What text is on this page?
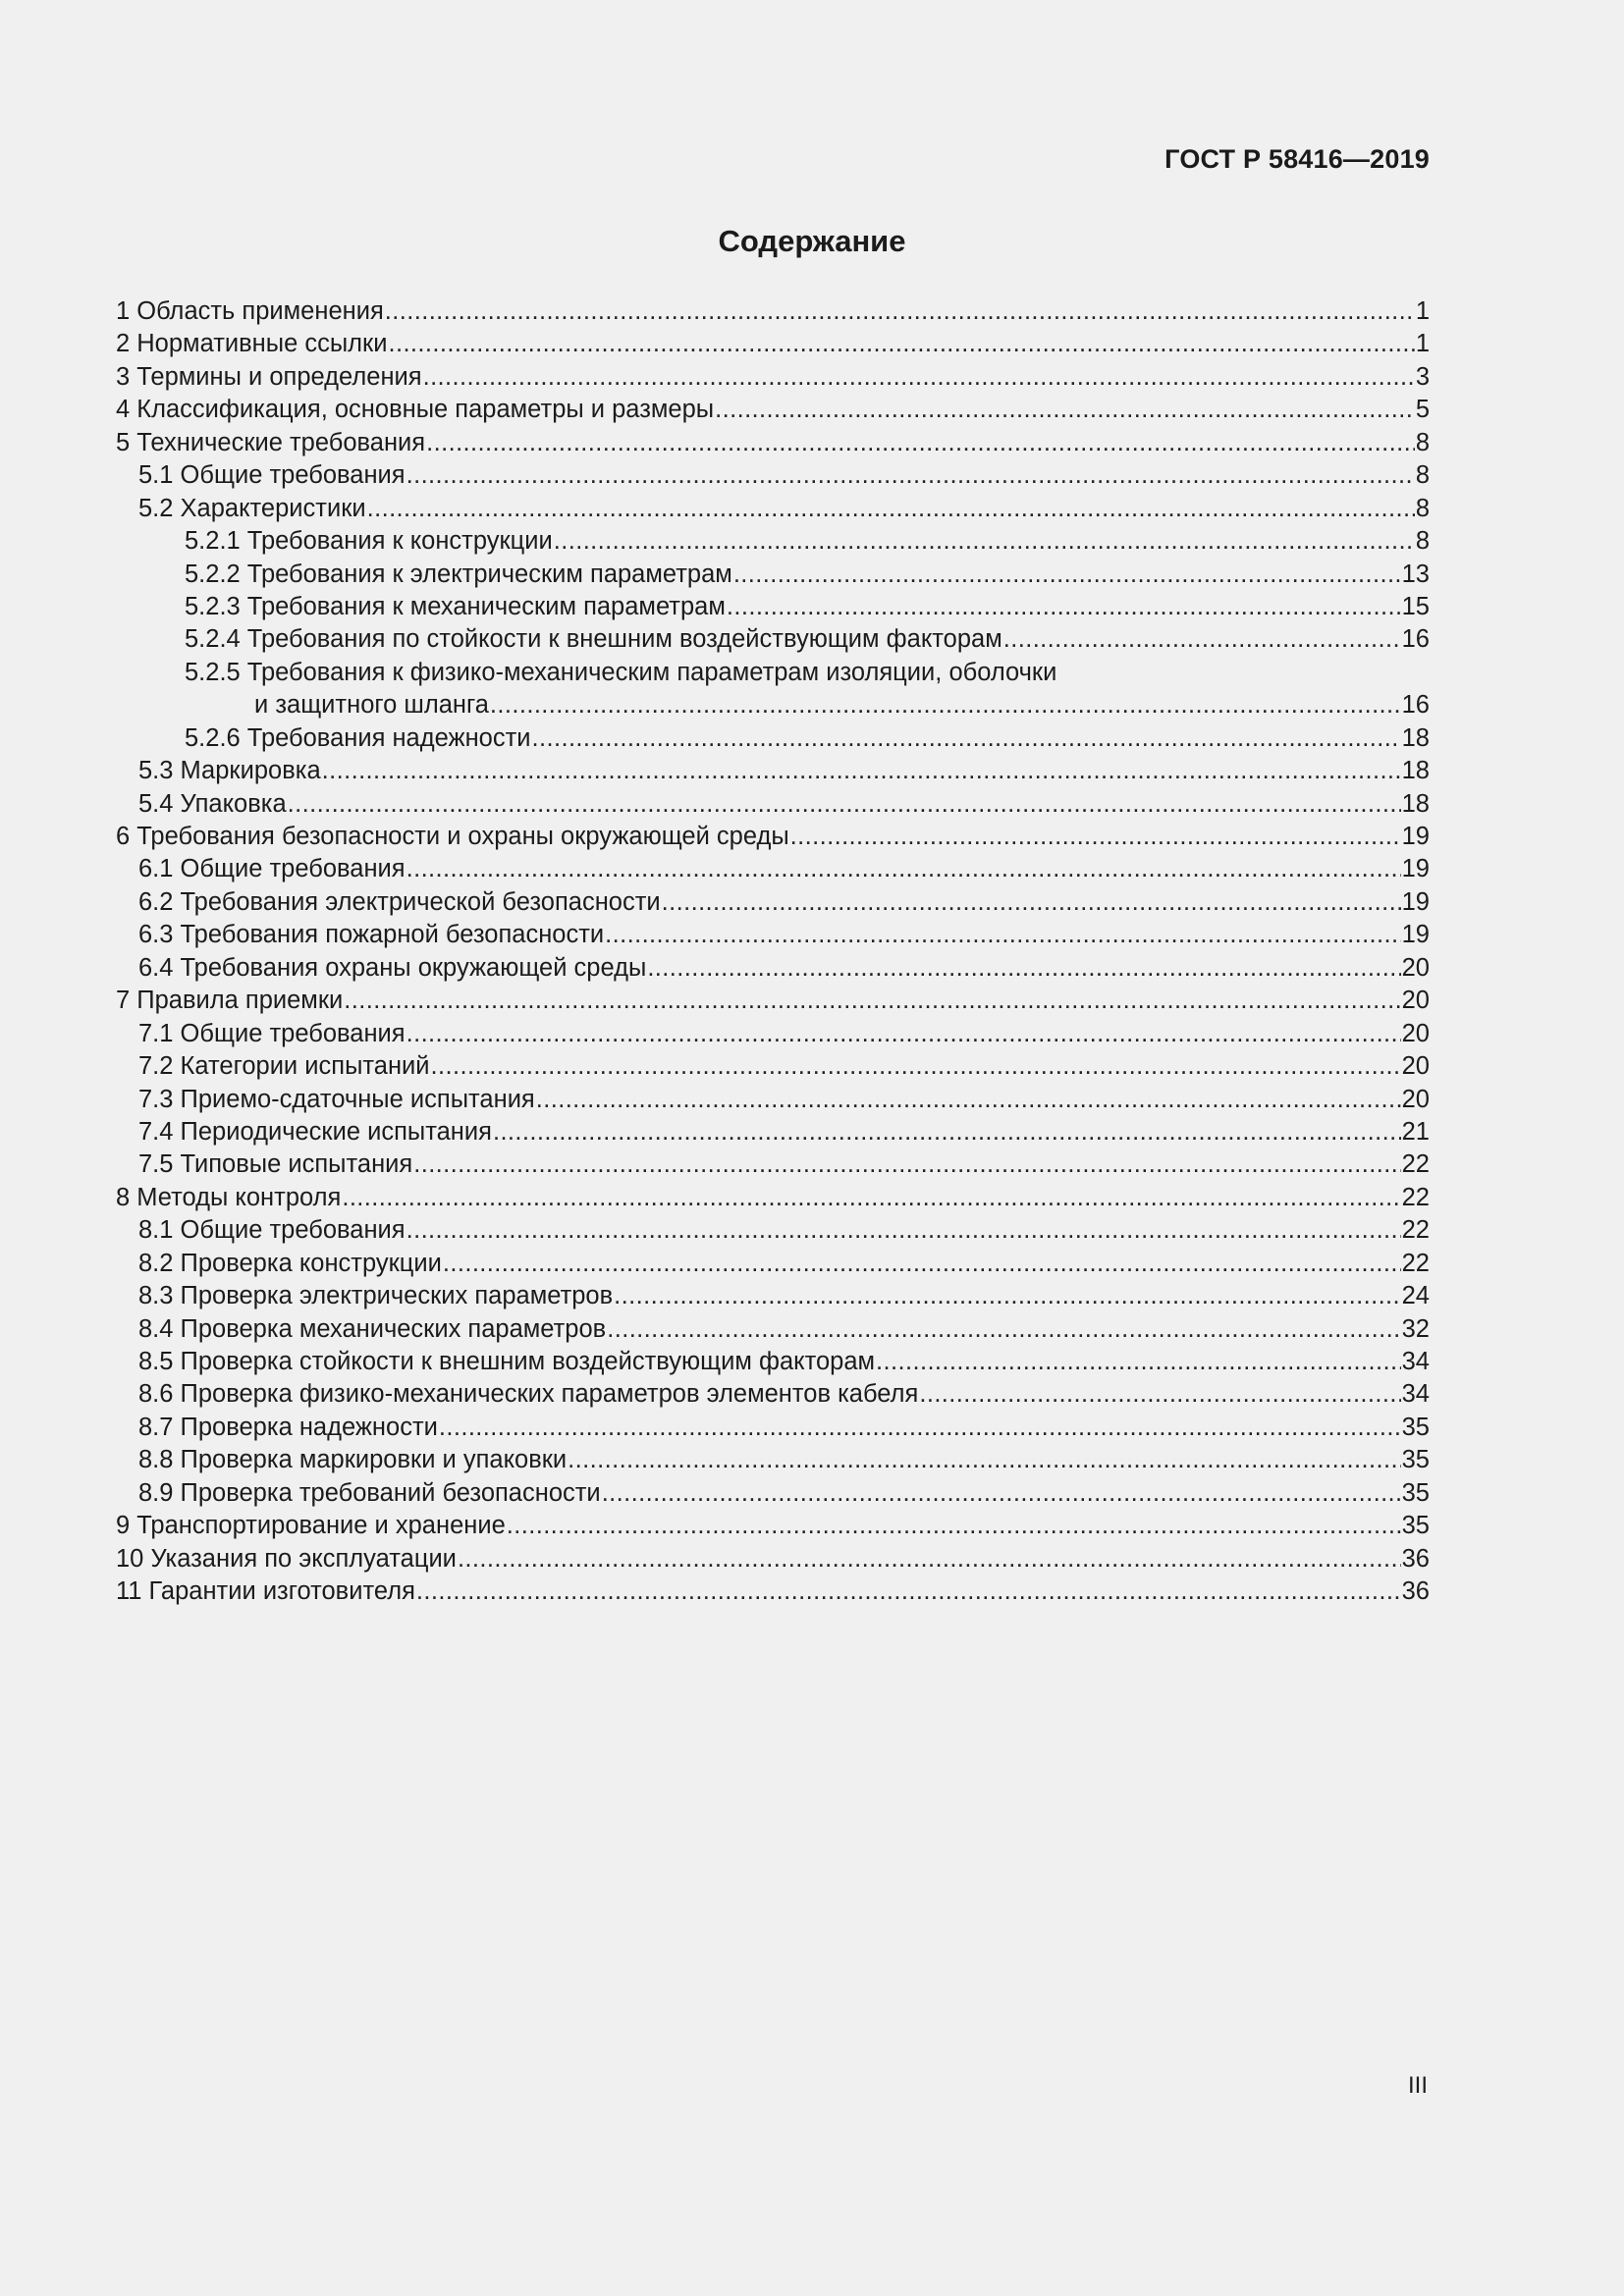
ГОСТ Р 58416—2019
Содержание
1 Область применения .....	1
2 Нормативные ссылки .....	1
3 Термины и определения .....	3
4 Классификация, основные параметры и размеры .....	5
5 Технические требования .....	8
5.1 Общие требования .....	8
5.2 Характеристики .....	8
5.2.1 Требования к конструкции .....	8
5.2.2 Требования к электрическим параметрам .....	13
5.2.3 Требования к механическим параметрам .....	15
5.2.4 Требования по стойкости к внешним воздействующим факторам .....	16
5.2.5 Требования к физико-механическим параметрам изоляции, оболочки
и защитного шланга .....	16
5.2.6 Требования надежности .....	18
5.3 Маркировка .....	18
5.4 Упаковка .....	18
6 Требования безопасности и охраны окружающей среды .....	19
6.1 Общие требования .....	19
6.2 Требования электрической безопасности .....	19
6.3 Требования пожарной безопасности .....	19
6.4 Требования охраны окружающей среды .....	20
7 Правила приемки .....	20
7.1 Общие требования .....	20
7.2 Категории испытаний .....	20
7.3 Приемо-сдаточные испытания .....	20
7.4 Периодические испытания .....	21
7.5 Типовые испытания .....	22
8 Методы контроля .....	22
8.1 Общие требования .....	22
8.2 Проверка конструкции .....	22
8.3 Проверка электрических параметров .....	24
8.4 Проверка механических параметров .....	32
8.5 Проверка стойкости к внешним воздействующим факторам .....	34
8.6 Проверка физико-механических параметров элементов кабеля .....	34
8.7 Проверка надежности .....	35
8.8 Проверка маркировки и упаковки .....	35
8.9 Проверка требований безопасности .....	35
9 Транспортирование и хранение .....	35
10 Указания по эксплуатации .....	36
11 Гарантии изготовителя .....	36
III
